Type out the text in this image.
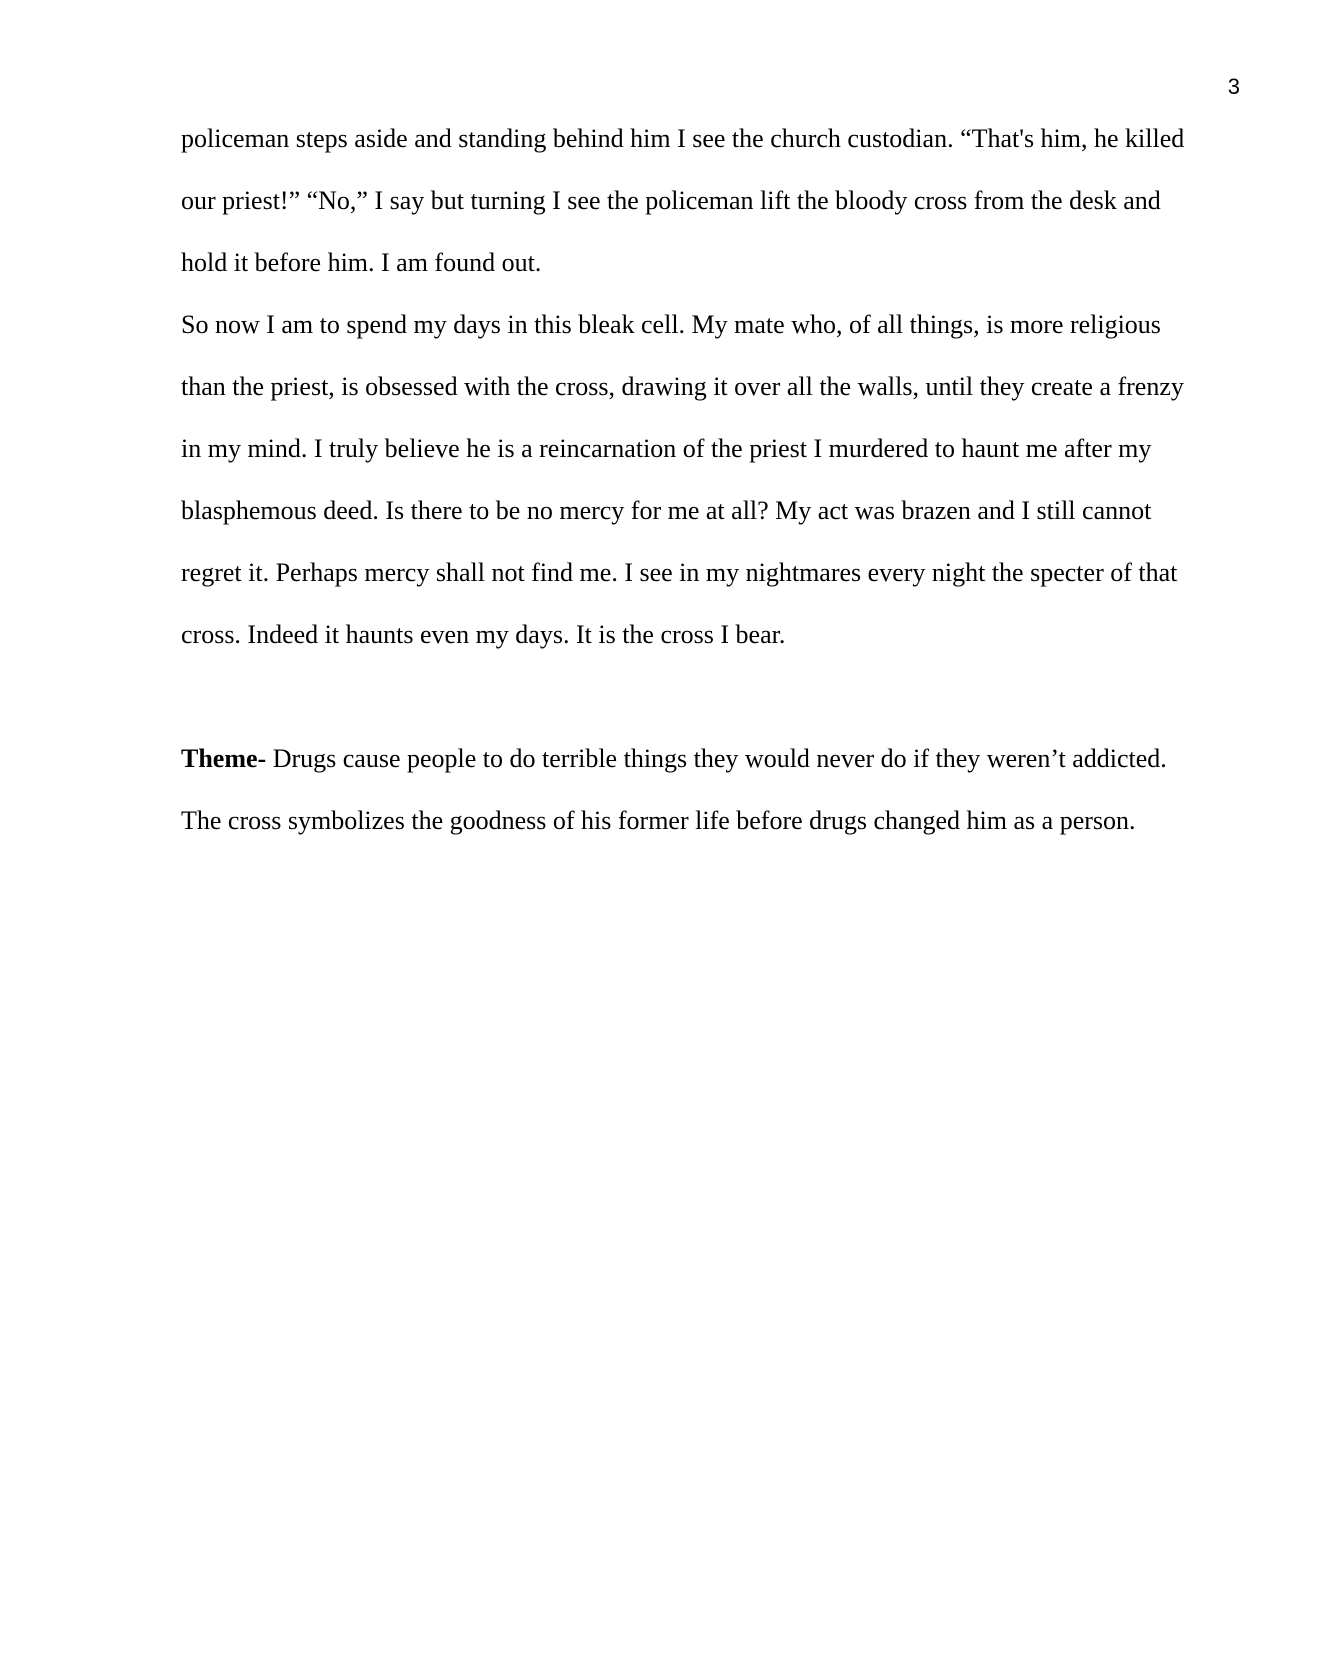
3
policeman steps aside and standing behind him I see the church custodian. “That's him, he killed
our priest!” “No,” I say but turning I see the policeman lift the bloody cross from the desk and
hold it before him. I am found out.
So now I am to spend my days in this bleak cell. My mate who, of all things, is more religious
than the priest, is obsessed with the cross, drawing it over all the walls, until they create a frenzy
in my mind. I truly believe he is a reincarnation of the priest I murdered to haunt me after my
blasphemous deed. Is there to be no mercy for me at all? My act was brazen and I still cannot
regret it. Perhaps mercy shall not find me. I see in my nightmares every night the specter of that
cross. Indeed it haunts even my days. It is the cross I bear.
Theme- Drugs cause people to do terrible things they would never do if they weren’t addicted.
The cross symbolizes the goodness of his former life before drugs changed him as a person.
